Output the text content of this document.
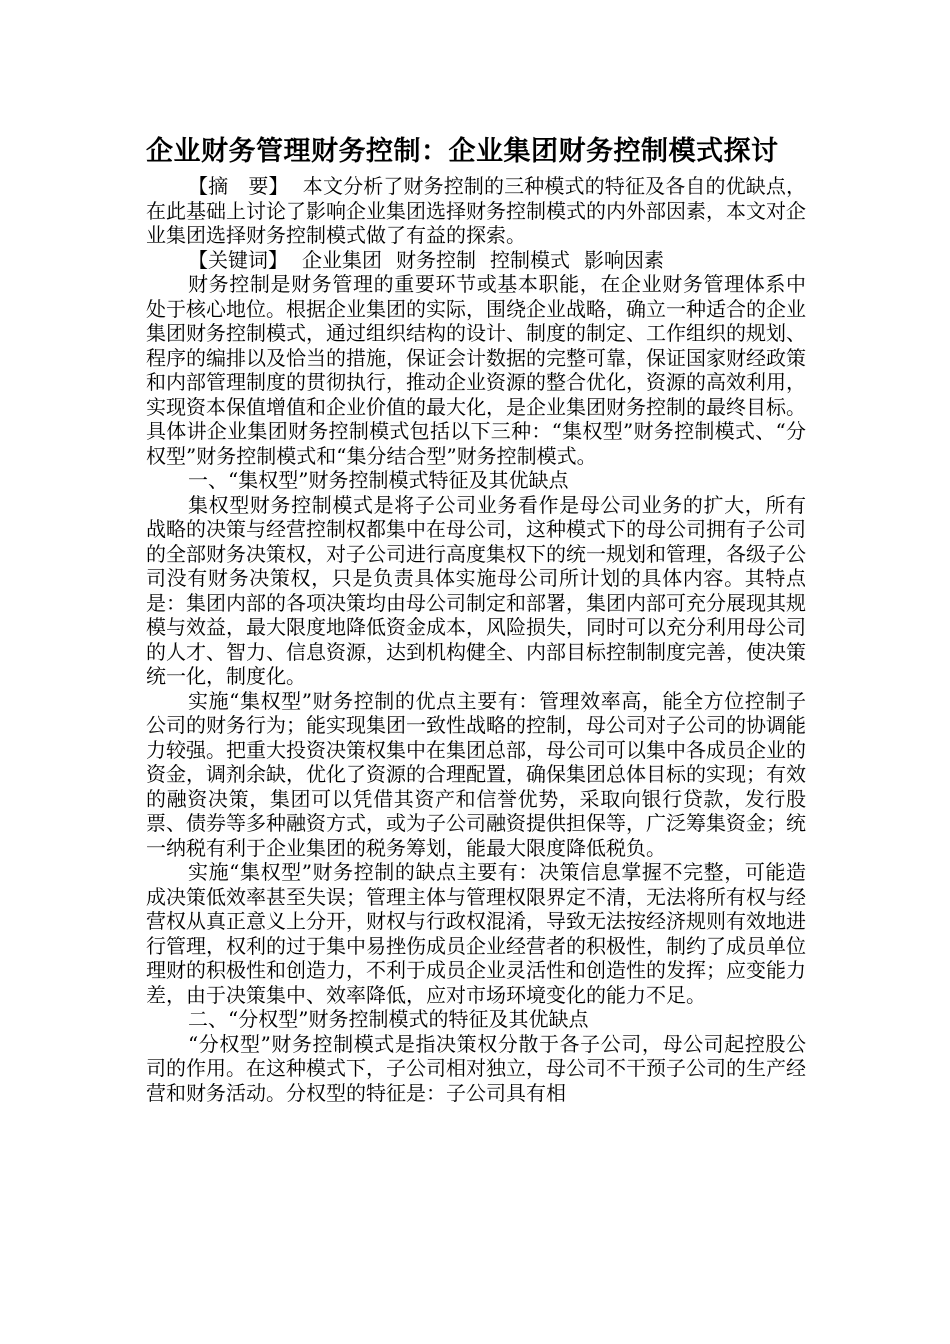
企业财务管理财务控制：企业集团财务控制模式探讨

【摘　要】 本文分析了财务控制的三种模式的特征及各自的优缺点，在此基础上讨论了影响企业集团选择财务控制模式的内外部因素，本文对企业集团选择财务控制模式做了有益的探索。

【关键词】 企业集团 财务控制 控制模式 影响因素

财务控制是财务管理的重要环节或基本职能，在企业财务管理体系中处于核心地位。根据企业集团的实际，围绕企业战略，确立一种适合的企业集团财务控制模式，通过组织结构的设计、制度的制定、工作组织的规划、程序的编排以及恰当的措施，保证会计数据的完整可靠，保证国家财经政策和内部管理制度的贯彻执行，推动企业资源的整合优化，资源的高效利用，实现资本保值增值和企业价值的最大化，是企业集团财务控制的最终目标。具体讲企业集团财务控制模式包括以下三种：“集权型”财务控制模式、“分权型”财务控制模式和“集分结合型”财务控制模式。

一、“集权型”财务控制模式特征及其优缺点

集权型财务控制模式是将子公司业务看作是母公司业务的扩大，所有战略的决策与经营控制权都集中在母公司，这种模式下的母公司拥有子公司的全部财务决策权，对子公司进行高度集权下的统一规划和管理，各级子公司没有财务决策权，只是负责具体实施母公司所计划的具体内容。其特点是：集团内部的各项决策均由母公司制定和部署，集团内部可充分展现其规模与效益，最大限度地降低资金成本，风险损失，同时可以充分利用母公司的人才、智力、信息资源，达到机构健全、内部目标控制制度完善，使决策统一化，制度化。

实施“集权型”财务控制的优点主要有：管理效率高，能全方位控制子公司的财务行为；能实现集团一致性战略的控制，母公司对子公司的协调能力较强。把重大投资决策权集中在集团总部，母公司可以集中各成员企业的资金，调剂余缺，优化了资源的合理配置，确保集团总体目标的实现；有效的融资决策，集团可以凭借其资产和信誉优势，采取向银行贷款，发行股票、债券等多种融资方式，或为子公司融资提供担保等，广泛筹集资金；统一纳税有利于企业集团的税务筹划，能最大限度降低税负。

实施“集权型”财务控制的缺点主要有：决策信息掌握不完整，可能造成决策低效率甚至失误；管理主体与管理权限界定不清，无法将所有权与经营权从真正意义上分开，财权与行政权混淆，导致无法按经济规则有效地进行管理，权利的过于集中易挫伤成员企业经营者的积极性，制约了成员单位理财的积极性和创造力，不利于成员企业灵活性和创造性的发挥；应变能力差，由于决策集中、效率降低，应对市场环境变化的能力不足。

二、“分权型”财务控制模式的特征及其优缺点

“分权型”财务控制模式是指决策权分散于各子公司，母公司起控股公司的作用。在这种模式下，子公司相对独立，母公司不干预子公司的生产经营和财务活动。分权型的特征是：子公司具有相
